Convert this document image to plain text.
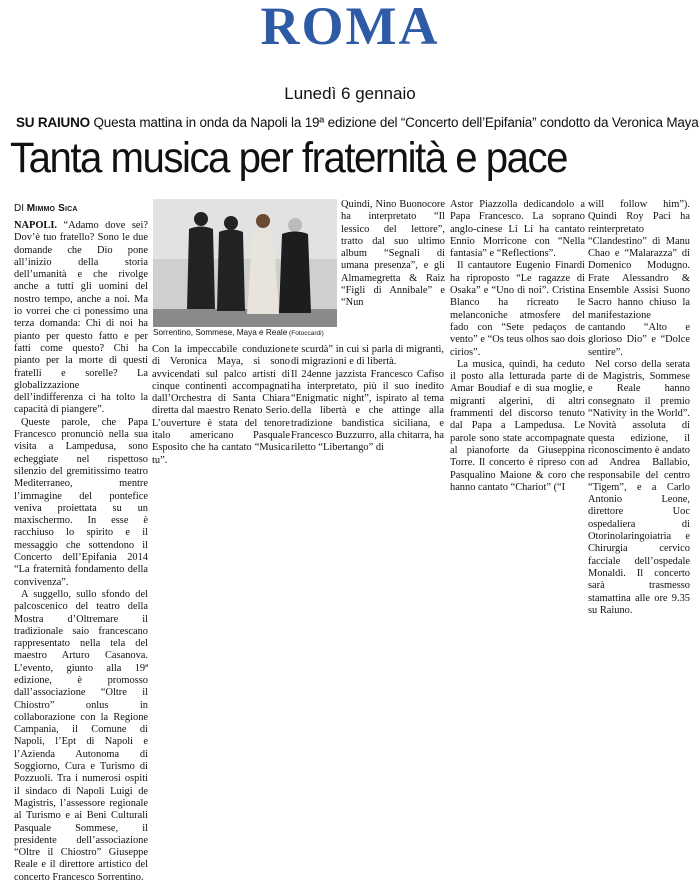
ROMA
Lunedì 6 gennaio
SU RAIUNO Questa mattina in onda da Napoli la 19ª edizione del “Concerto dell’Epifania” condotto da Veronica Maya
Tanta musica per fraternità e pace
DI Mimmo Sica

NAPOLI. “Adamo dove sei? Dov’è tuo fratello? Sono le due domande che Dio pone all’inizio della storia dell’umanità e che rivolge anche a tutti gli uomini del nostro tempo, anche a noi. Ma io vorrei che ci ponessimo una terza domanda: Chi di noi ha pianto per questo fatto e per fatti come questo? Chi ha pianto per la morte di questi fratelli e sorelle? La globalizzazione dell’indifferenza ci ha tolto la capacità di piangere”.

Queste parole, che Papa Francesco pronunciò nella sua visita a Lampedusa, sono echeggiate nel rispettoso silenzio del gremitissimo teatro Mediterraneo, mentre l’immagine del pontefice veniva proiettata su un maxischermo. In esse è racchiuso lo spirito e il messaggio che sottendono il Concerto dell’Epifania 2014 “La fraternità fondamento della convivenza”.

A suggello, sullo sfondo del palcoscenico del teatro della Mostra d’Oltremare il tradizionale saio francescano rappresentato nella tela del maestro Arturo Casanova. L’evento, giunto alla 19ª edizione, è promosso dall’associazione “Oltre il Chiostro” onlus in collaborazione con la Regione Campania, il Comune di Napoli, l’Ept di Napoli e l’Azienda Autonoma di Soggiorno, Cura e Turismo di Pozzuoli. Tra i numerosi ospiti il sindaco di Napoli Luigi de Magistris, l’assessore regionale al Turismo e ai Beni Culturali Pasquale Sommese, il presidente dell’associazione “Oltre il Chiostro” Giuseppe Reale e il direttore artistico del concerto Francesco Sorrentino.

Sorrentino, Sommese, Maya e Reale (Fotoccardi)

Con la impeccabile conduzione di Veronica Maya, si sono avvicendati sul palco artisti di cinque continenti accompagnati dall’Orchestra di Santa Chiara diretta dal maestro Renato Serio. L’ouverture è stata del tenore italo americano Pasquale Esposito che ha cantato “Musica tu”.

Quindi, Nino Buonocore ha interpretato “Il lessico del lettore”, tratto dal suo ultimo album “Segnali di umana presenza”, e gli Almamegretta & Raiz “Figli di Annibale” e “Nun

te scurdà” in cui si parla di migranti, di migrazioni e di libertà.

Il 24enne jazzista Francesco Cafiso ha interpretato, più il suo inedito “Enigmatic night”, ispirato al tema della libertà e che attinge alla tradizione bandistica siciliana, e Francesco Buzzurro, alla chitarra, ha riletto “Libertango” di

Astor Piazzolla dedicandolo a Papa Francesco. La soprano anglo-cinese Li Li ha cantato Ennio Morricone con “Nella fantasia” e “Reflections”.

Il cantautore Eugenio Finardi ha riproposto “Le ragazze di Osaka” e “Uno di noi”. Cristina Blanco ha ricreato le melanconiche atmosfere del fado con “Sete pedaços de vento” e “Os teus olhos sao dois cirios”.

La musica, quindi, ha ceduto il posto alla letturada parte di Amar Boudiaf e di sua moglie, migranti algerini, di altri frammenti del discorso tenuto dal Papa a Lampedusa. Le parole sono state accompagnate al pianoforte da Giuseppina Torre. Il concerto è ripreso con Pasqualino Maione & coro che hanno cantato “Chariot” (“I

will follow him”). Quindi Roy Paci ha reinterpretato “Clandestino” di Manu Chao e “Malarazza” di Domenico Modugno. Frate Alessandro & Ensemble Assisi Suono Sacro hanno chiuso la manifestazione cantando “Alto e glorioso Dio” e “Dolce sentire”.

Nel corso della serata de Magistris, Sommese e Reale hanno consegnato il premio “Nativity in the World”. Novità assoluta di questa edizione, il riconoscimento è andato ad Andrea Ballabio, responsabile del centro “Tigem”, e a Carlo Antonio Leone, direttore Uoc ospedaliera di Otorinolaringoiatria e Chirurgia cervico facciale dell’ospedale Monaldi. Il concerto sarà trasmesso stamattina alle ore 9.35 su Raiuno.
